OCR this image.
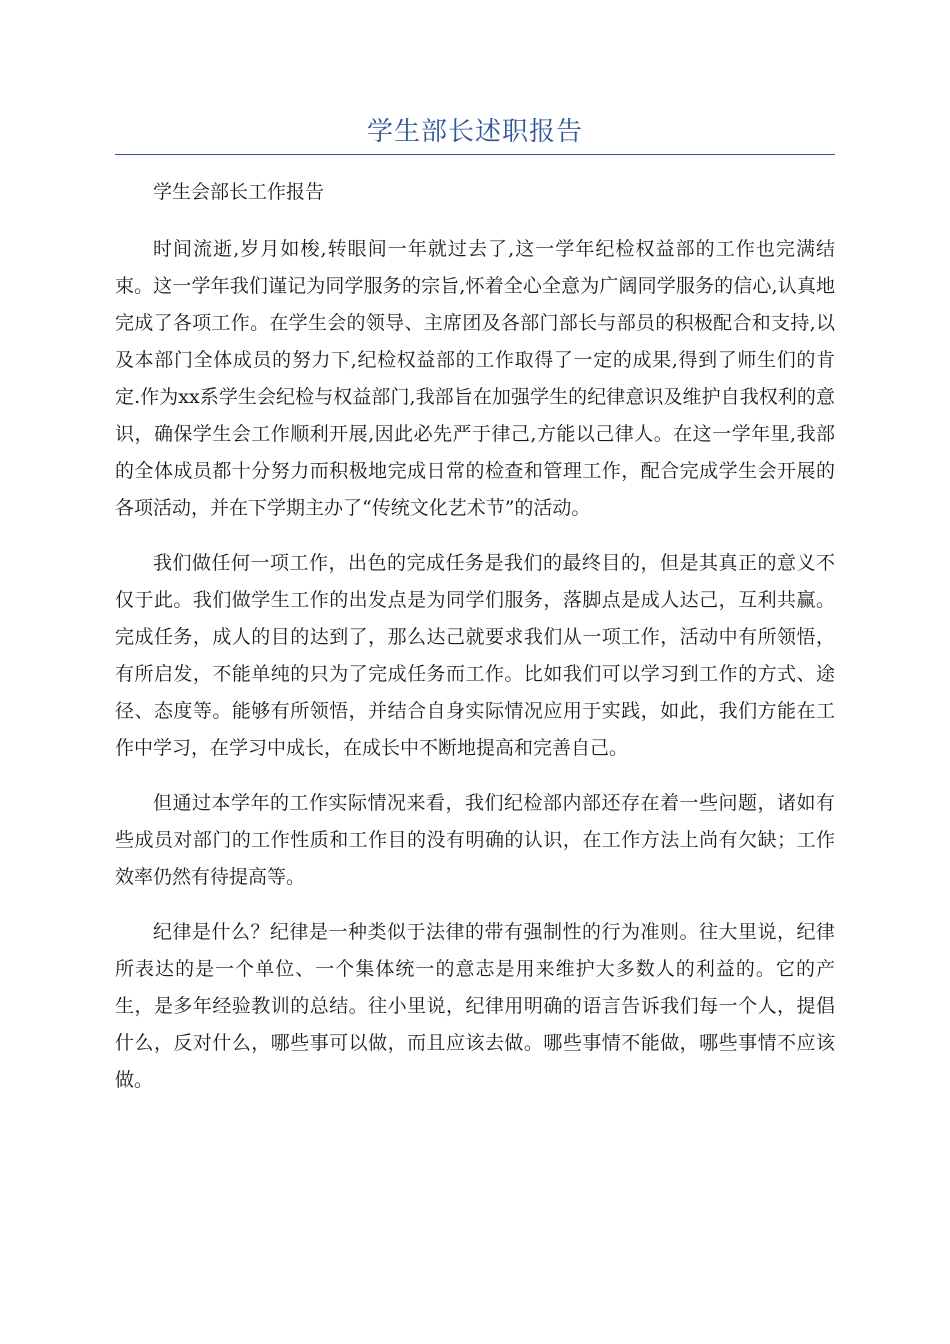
学生部长述职报告

学生会部长工作报告

时间流逝,岁月如梭,转眼间一年就过去了,这一学年纪检权益部的工作也完满结束。这一学年我们谨记为同学服务的宗旨,怀着全心全意为广阔同学服务的信心,认真地完成了各项工作。在学生会的领导、主席团及各部门部长与部员的积极配合和支持,以及本部门全体成员的努力下,纪检权益部的工作取得了一定的成果,得到了师生们的肯定.作为xx系学生会纪检与权益部门,我部旨在加强学生的纪律意识及维护自我权利的意识，确保学生会工作顺利开展,因此必先严于律己,方能以己律人。在这一学年里,我部的全体成员都十分努力而积极地完成日常的检查和管理工作，配合完成学生会开展的各项活动，并在下学期主办了“传统文化艺术节”的活动。

我们做任何一项工作，出色的完成任务是我们的最终目的，但是其真正的意义不仅于此。我们做学生工作的出发点是为同学们服务，落脚点是成人达己，互利共赢。完成任务，成人的目的达到了，那么达己就要求我们从一项工作，活动中有所领悟，有所启发，不能单纯的只为了完成任务而工作。比如我们可以学习到工作的方式、途径、态度等。能够有所领悟，并结合自身实际情况应用于实践，如此，我们方能在工作中学习，在学习中成长，在成长中不断地提高和完善自己。

但通过本学年的工作实际情况来看，我们纪检部内部还存在着一些问题，诸如有些成员对部门的工作性质和工作目的没有明确的认识，在工作方法上尚有欠缺；工作效率仍然有待提高等。

纪律是什么？纪律是一种类似于法律的带有强制性的行为准则。往大里说，纪律所表达的是一个单位、一个集体统一的意志是用来维护大多数人的利益的。它的产生，是多年经验教训的总结。往小里说，纪律用明确的语言告诉我们每一个人，提倡什么，反对什么，哪些事可以做，而且应该去做。哪些事情不能做，哪些事情不应该做。
